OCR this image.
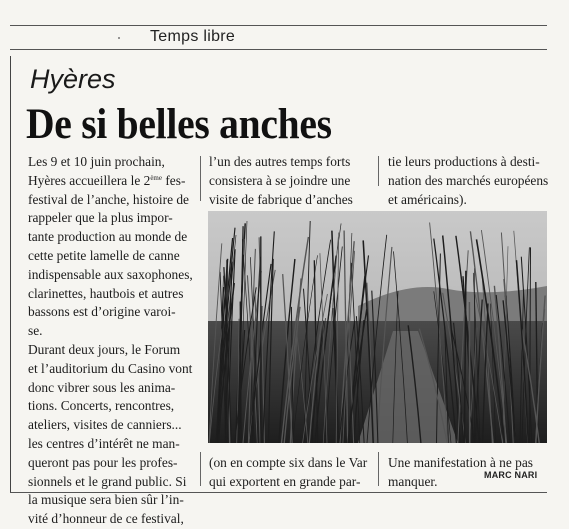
Temps libre
Hyères
De si belles anches
Les 9 et 10 juin prochain,
Hyères accueillera le 2ème fes-
festival de l’anche, histoire de
rappeler que la plus impor-
tante production au monde de
cette petite lamelle de canne
indispensable aux saxophones,
clarinettes, hautbois et autres
bassons est d’origine varoi-
se.
Durant deux jours, le Forum
et l’auditorium du Casino vont
donc vibrer sous les anima-
tions. Concerts, rencontres,
ateliers, visites de canniers...
les centres d’intérêt ne man-
queront pas pour les profes-
sionnels et le grand public. Si
la musique sera bien sûr l’in-
vité d’honneur de ce festival,
l’un des autres temps forts
consistera à se joindre une
visite de fabrique d’anches
tie leurs productions à desti-
nation des marchés européens
et américains).
(on en compte six dans le Var
qui exportent en grande par-
Une manifestation à ne pas
manquer.	MARC NARI
